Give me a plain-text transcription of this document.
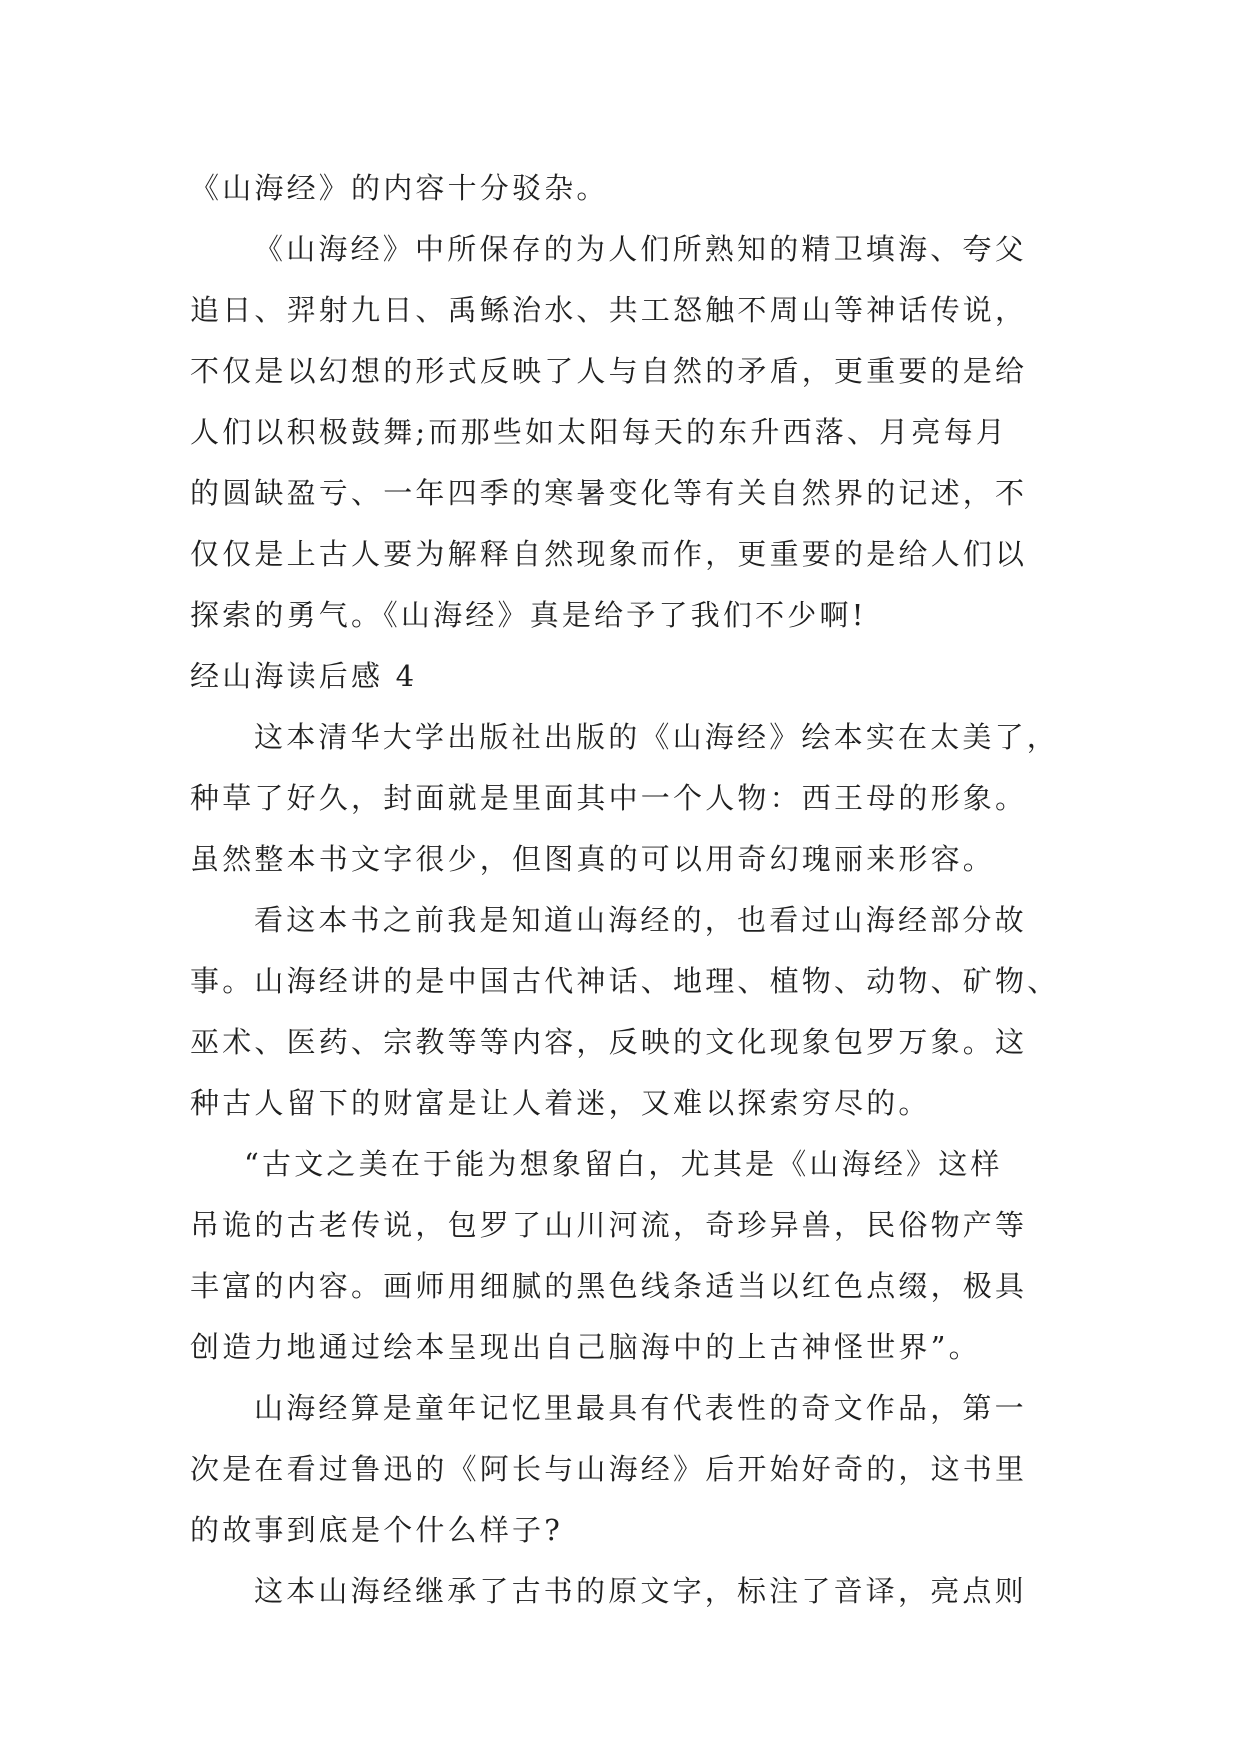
《山海经》的内容十分驳杂。
《山海经》中所保存的为人们所熟知的精卫填海、夸父
追日、羿射九日、禹鲧治水、共工怒触不周山等神话传说，
不仅是以幻想的形式反映了人与自然的矛盾，更重要的是给
人们以积极鼓舞;而那些如太阳每天的东升西落、月亮每月
的圆缺盈亏、一年四季的寒暑变化等有关自然界的记述，不
仅仅是上古人要为解释自然现象而作，更重要的是给人们以
探索的勇气。《山海经》真是给予了我们不少啊!
经山海读后感 4
这本清华大学出版社出版的《山海经》绘本实在太美了，
种草了好久，封面就是里面其中一个人物：西王母的形象。
虽然整本书文字很少，但图真的可以用奇幻瑰丽来形容。
看这本书之前我是知道山海经的，也看过山海经部分故
事。山海经讲的是中国古代神话、地理、植物、动物、矿物、
巫术、医药、宗教等等内容，反映的文化现象包罗万象。这
种古人留下的财富是让人着迷，又难以探索穷尽的。
“古文之美在于能为想象留白，尤其是《山海经》这样
吊诡的古老传说，包罗了山川河流，奇珍异兽，民俗物产等
丰富的内容。画师用细腻的黑色线条适当以红色点缀，极具
创造力地通过绘本呈现出自己脑海中的上古神怪世界”。
山海经算是童年记忆里最具有代表性的奇文作品，第一
次是在看过鲁迅的《阿长与山海经》后开始好奇的，这书里
的故事到底是个什么样子?
这本山海经继承了古书的原文字，标注了音译，亮点则
